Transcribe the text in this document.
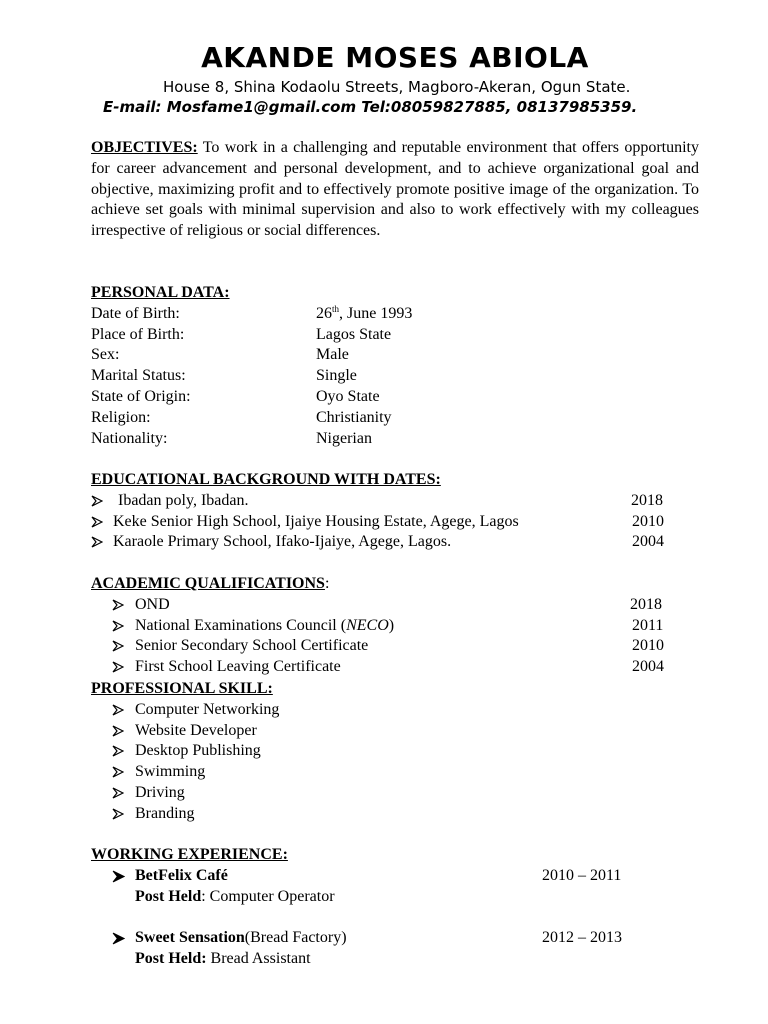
AKANDE MOSES ABIOLA
House 8, Shina Kodaolu Streets, Magboro-Akeran, Ogun State.
E-mail: Mosfame1@gmail.com Tel:08059827885, 08137985359.
OBJECTIVES: To work in a challenging and reputable environment that offers opportunity for career advancement and personal development, and to achieve organizational goal and objective, maximizing profit and to effectively promote positive image of the organization. To achieve set goals with minimal supervision and also to work effectively with my colleagues irrespective of religious or social differences.
PERSONAL DATA:
Date of Birth:	26th, June 1993
Place of Birth:	Lagos State
Sex:	Male
Marital Status:	Single
State of Origin:	Oyo State
Religion:	Christianity
Nationality:	Nigerian
EDUCATIONAL BACKGROUND WITH DATES:
Ibadan poly, Ibadan.	2018
Keke Senior High School, Ijaiye Housing Estate, Agege, Lagos	2010
Karaole Primary School, Ifako-Ijaiye, Agege, Lagos.	2004
ACADEMIC QUALIFICATIONS:
OND	2018
National Examinations Council (NECO)	2011
Senior Secondary School Certificate	2010
First School Leaving Certificate	2004
PROFESSIONAL SKILL:
Computer Networking
Website Developer
Desktop Publishing
Swimming
Driving
Branding
WORKING EXPERIENCE:
BetFelix Café	2010 – 2011
Post Held: Computer Operator
Sweet Sensation(Bread Factory)	2012 – 2013
Post Held: Bread Assistant
